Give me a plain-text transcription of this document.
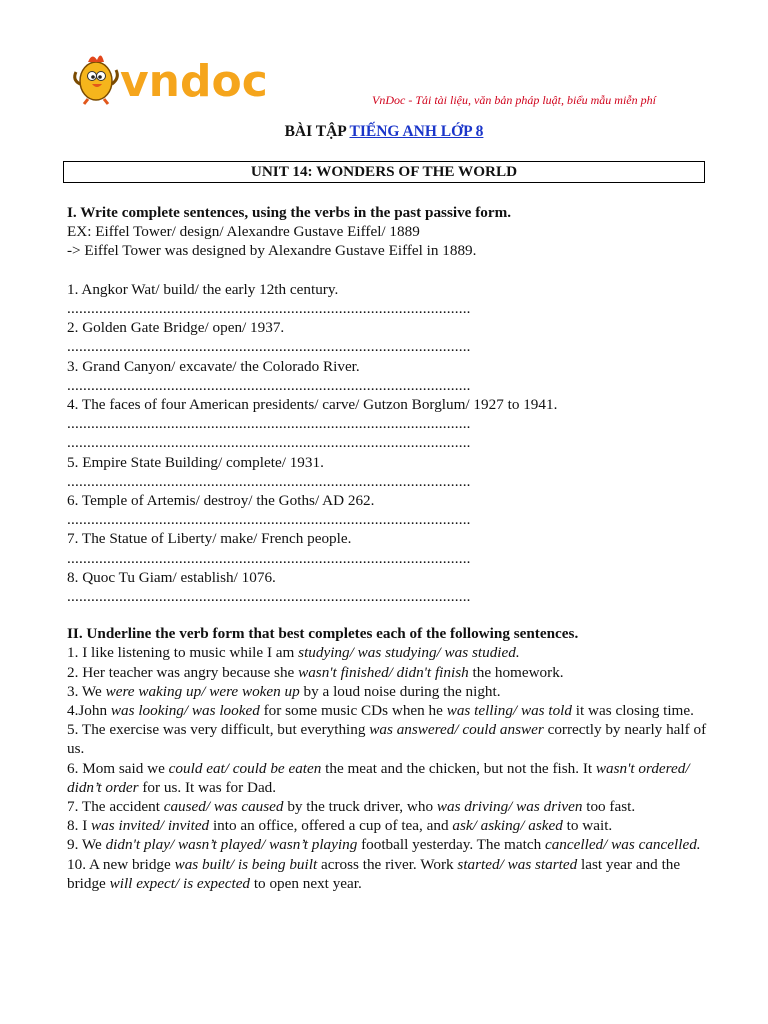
vndoc	VnDoc - Tải tài liệu, văn bản pháp luật, biểu mẫu miễn phí
BÀI TẬP TIẾNG ANH LỚP 8
UNIT 14: WONDERS OF THE WORLD
I. Write complete sentences, using the verbs in the past passive form.
EX: Eiffel Tower/ design/ Alexandre Gustave Eiffel/ 1889
-> Eiffel Tower was designed by Alexandre Gustave Eiffel in 1889.
1. Angkor Wat/ build/ the early 12th century.
.....................................................................................................
2. Golden Gate Bridge/ open/ 1937.
.....................................................................................................
3. Grand Canyon/ excavate/ the Colorado River.
.....................................................................................................
4. The faces of four American presidents/ carve/ Gutzon Borglum/ 1927 to 1941.
.....................................................................................................
.....................................................................................................
5. Empire State Building/ complete/ 1931.
.....................................................................................................
6. Temple of Artemis/ destroy/ the Goths/ AD 262.
.....................................................................................................
7. The Statue of Liberty/ make/ French people.
.....................................................................................................
8. Quoc Tu Giam/ establish/ 1076.
.....................................................................................................
II. Underline the verb form that best completes each of the following sentences.
1. I like listening to music while I am studying/ was studying/ was studied.
2. Her teacher was angry because she wasn't finished/ didn't finish the homework.
3. We were waking up/ were woken up by a loud noise during the night.
4.John was looking/ was looked for some music CDs when he was telling/ was told it was closing time.
5. The exercise was very difficult, but everything was answered/ could answer correctly by nearly half of us.
6. Mom said we could eat/ could be eaten the meat and the chicken, but not the fish. It wasn't ordered/ didn’t order for us. It was for Dad.
7. The accident caused/ was caused by the truck driver, who was driving/ was driven too fast.
8. I was invited/ invited into an office, offered a cup of tea, and ask/ asking/ asked to wait.
9. We didn't play/ wasn’t played/ wasn’t playing football yesterday. The match cancelled/ was cancelled.
10. A new bridge was built/ is being built across the river. Work started/ was started last year and the bridge will expect/ is expected to open next year.
